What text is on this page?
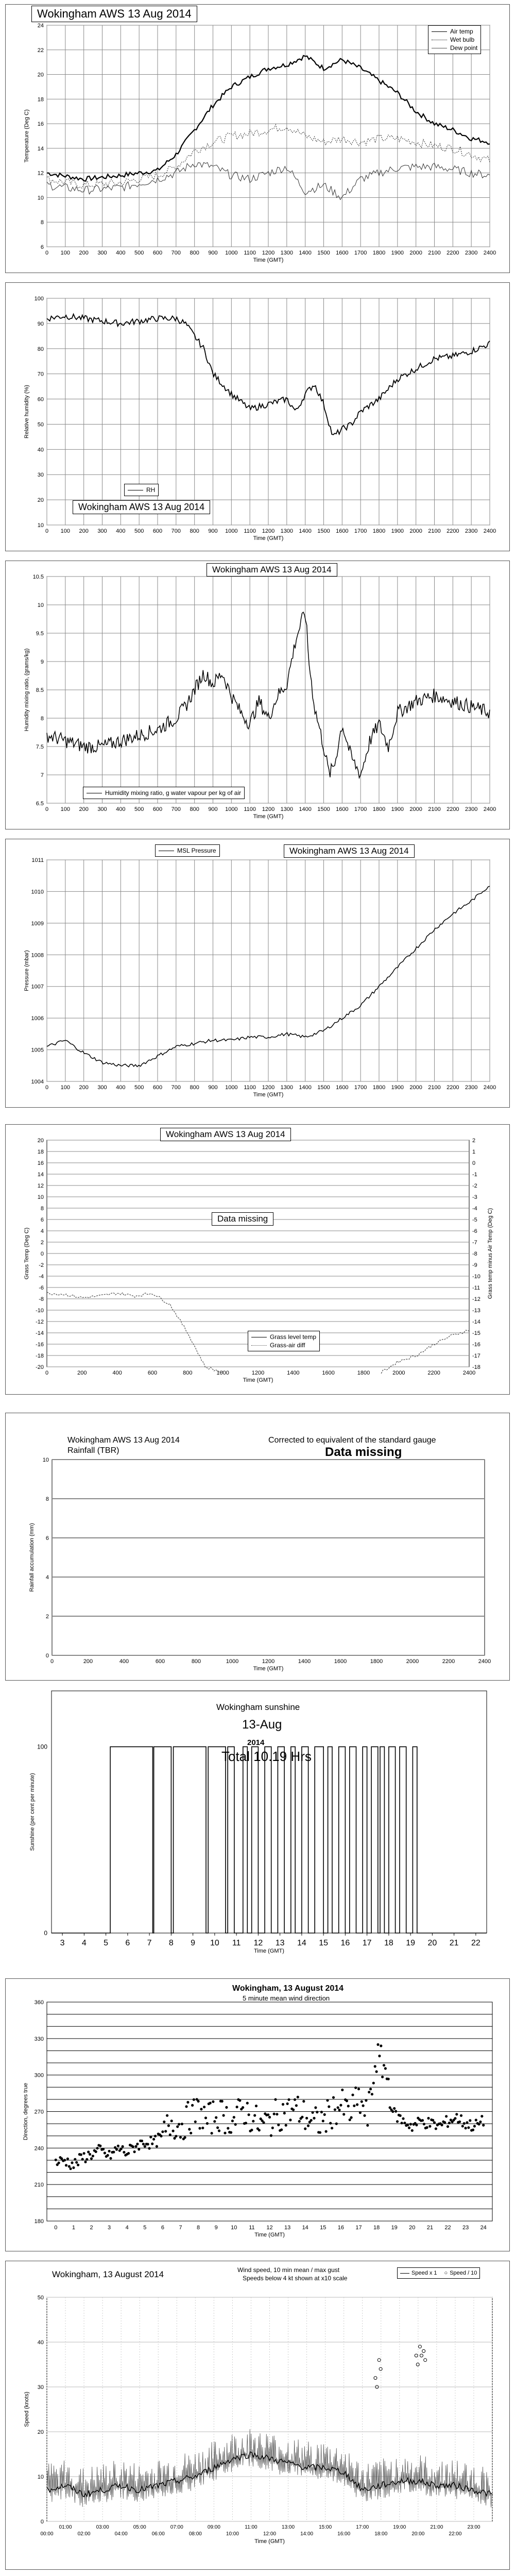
6
8
10
12
14
16
18
20
22
24
0 100 200 300 400 500 600 700 800 900 1000 1100 1200 1300 1400 1500 1600 1700 1800 1900 2000 2100 2200 2300 2400
Time (GMT)
Temperature (Deg C)
Wokingham AWS 13 Aug 2014
Air temp
Wet bulb
Dew point
10
20
30
40
50
60
70
80
90
100
0 100 200 300 400 500 600 700 800 900 1000 1100 1200 1300 1400 1500 1600 1700 1800 1900 2000 2100 2200 2300 2400
Time (GMT)
Relative humidity (%)
Wokingham AWS 13 Aug 2014
RH
6.5
7
7.5
8
8.5
9
9.5
10
10.5
0 100 200 300 400 500 600 700 800 900 1000 1100 1200 1300 1400 1500 1600 1700 1800 1900 2000 2100 2200 2300 2400
Time (GMT)
Humidity mixing ratio, (grams/kg)
Wokingham AWS 13 Aug 2014
Humidity mixing ratio, g water vapour per kg of air
1004
1005
1006
1007
1008
1009
1010
1011
0 100 200 300 400 500 600 700 800 900 1000 1100 1200 1300 1400 1500 1600 1700 1800 1900 2000 2100 2200 2300 2400
Time (GMT)
Pressure (mbar)
Wokingham AWS 13 Aug 2014
MSL Pressure
-20
-18
-16
-14
-12
-10
-8
-6
-4
-2
0
2
4
6
8
10
12
14
16
18
20
0	200	400	600	800	1000	1200	1400	1600	1800	2000	2200	2400
Time (GMT)
Grass Temp (Deg C)
-18
-17
-16
-15
-14
-13
-12
-11
-10
-9
-8
-7
-6
-5
-4
-3
-2
-1
0
1
2
Grass temp minus Air Temp (Deg C)
Wokingham AWS 13 Aug 2014
Data missing
Grass level temp
Grass-air diff
0
2
4
6
8
10
0	200	400	600	800	1000	1200	1400	1600	1800	2000	2200	2400
Time (GMT)
Rainfall accumulation (mm)
Wokingham AWS 13 Aug 2014
Rainfall (TBR)
Corrected to equivalent of the standard gauge
Data missing
0
100
3 4 5 6 7 8 9 10 11 12 13 14 15 16 17 18 19 20 21 22
Time (GMT)
Sunshine (per cent per minute)
Wokingham sunshine
13-Aug
2014
Total 10.19 Hrs
180
210
240
270
300
330
360
0	1	2	3	4	5	6	7	8	9 10 11 12 13 14 15 16 17 18 19 20 21 22 23 24
Time (GMT)
Direction, degrees true
Wokingham, 13 August 2014
5 minute mean wind direction
0
10
20
30
40
50
01:00	03:00	05:00	07:00	09:00	11:00	13:00	15:00	17:00	19:00	21:00	23:00
00:00	02:00	04:00	06:00	08:00	10:00	12:00	14:00	16:00	18:00	20:00	22:00
Time (GMT)
Speed (knots)
Wokingham, 13 August 2014	Wind speed, 10 min mean / max gust
Speeds below 4 kt shown at x10 scale
Speed x 1 ○ Speed / 10
